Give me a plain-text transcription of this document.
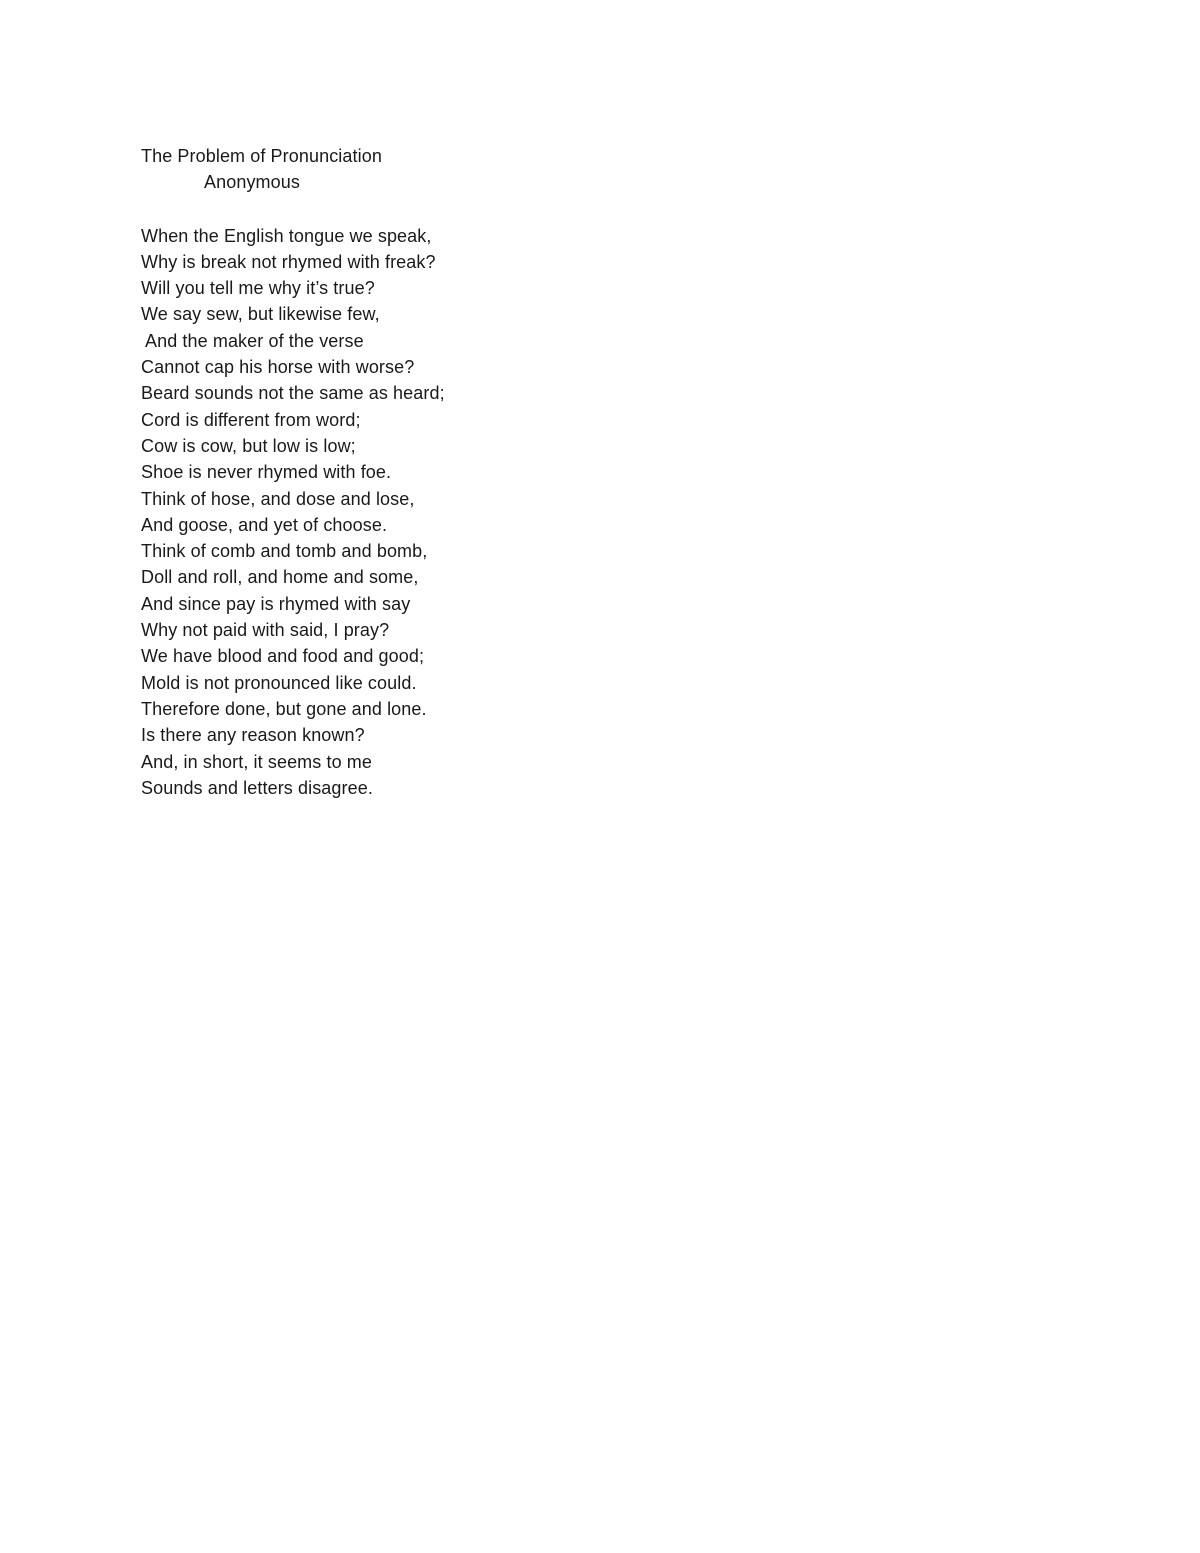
The Problem of Pronunciation
Anonymous
When the English tongue we speak,
Why is break not rhymed with freak?
Will you tell me why it’s true?
We say sew, but likewise few,
And the maker of the verse
Cannot cap his horse with worse?
Beard sounds not the same as heard;
Cord is different from word;
Cow is cow, but low is low;
Shoe is never rhymed with foe.
Think of hose, and dose and lose,
And goose, and yet of choose.
Think of comb and tomb and bomb,
Doll and roll, and home and some,
And since pay is rhymed with say
Why not paid with said, I pray?
We have blood and food and good;
Mold is not pronounced like could.
Therefore done, but gone and lone.
Is there any reason known?
And, in short, it seems to me
Sounds and letters disagree.
